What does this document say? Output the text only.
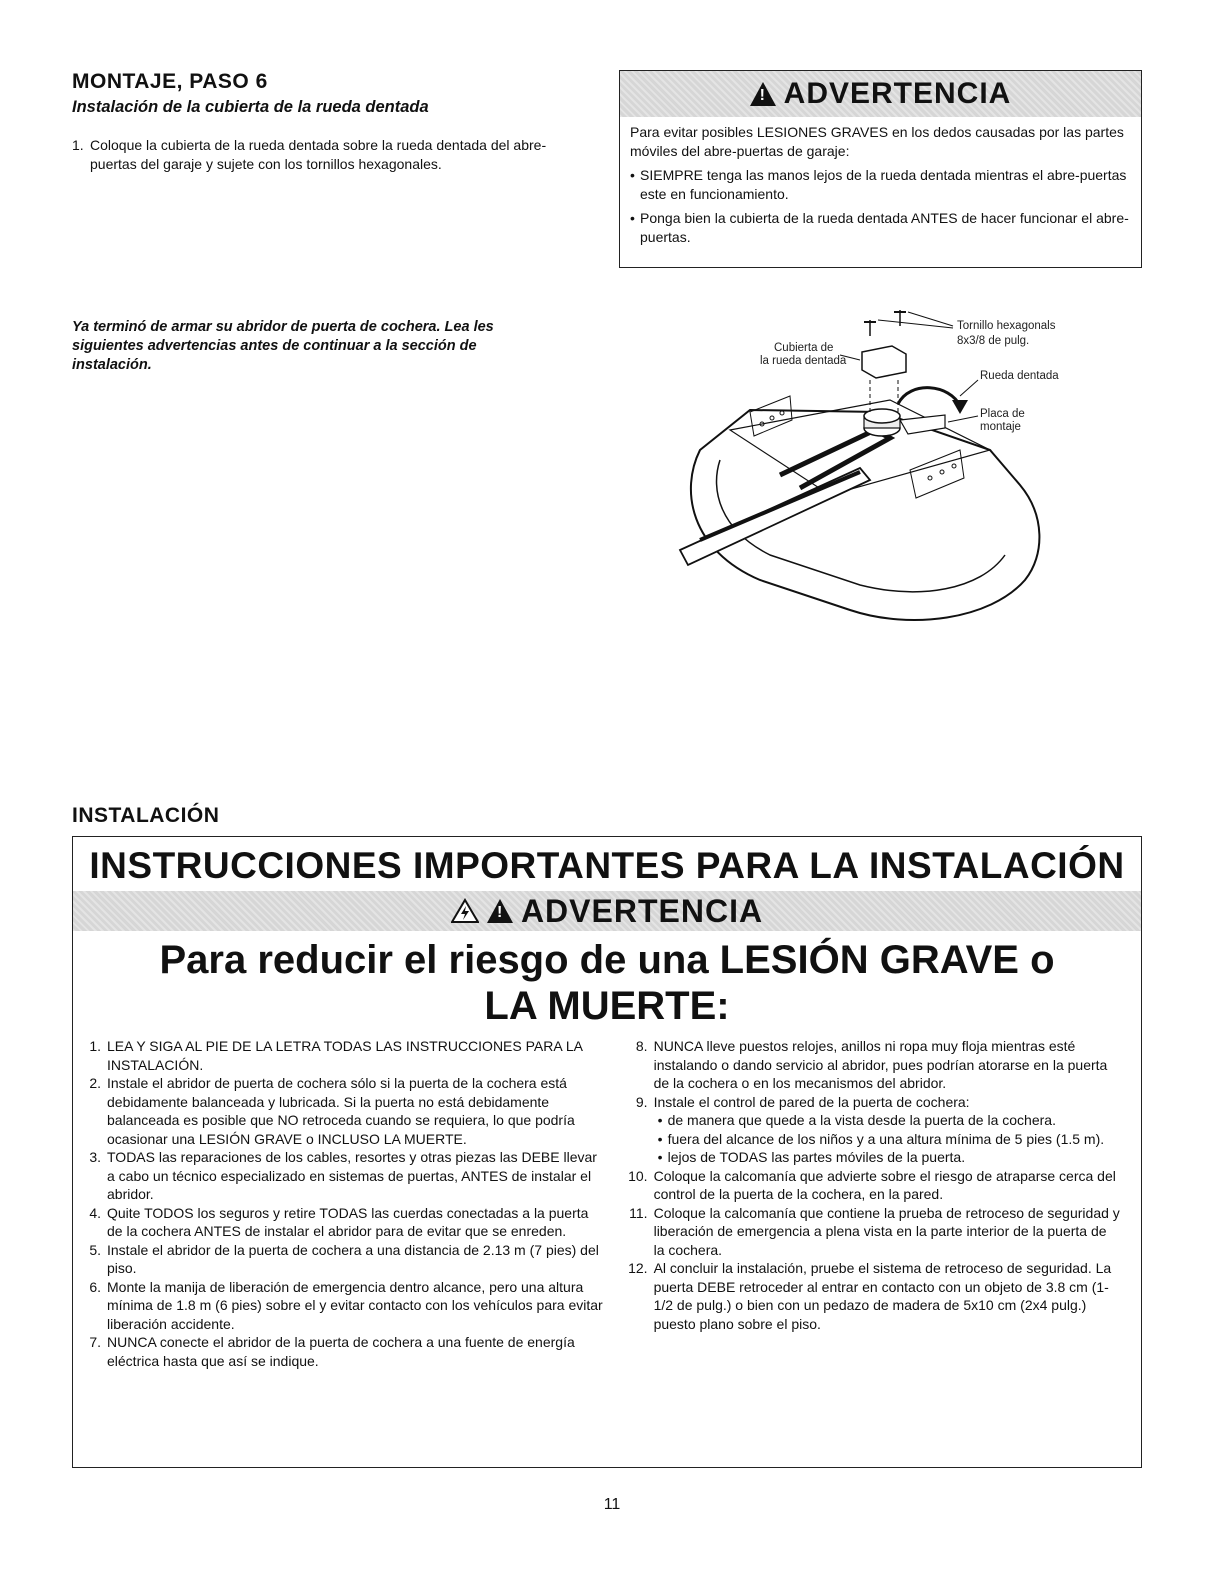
MONTAJE, PASO 6
Instalación de la cubierta de la rueda dentada
1. Coloque la cubierta de la rueda dentada sobre la rueda dentada del abre-puertas del garaje y sujete con los tornillos hexagonales.
Ya terminó de armar su abridor de puerta de cochera. Lea les siguientes advertencias antes de continuar a la sección de instalación.
!
ADVERTENCIA

Para evitar posibles LESIONES GRAVES en los dedos causadas por las partes móviles del abre-puertas de garaje:

• SIEMPRE tenga las manos lejos de la rueda dentada mientras el abre-puertas este en funcionamiento.
• Ponga bien la cubierta de la rueda dentada ANTES de hacer funcionar el abre-puertas.
Tornillo hexagonals
8x3/8 de pulg.
Cubierta de
la rueda dentada
Rueda dentada
Placa de
montaje
INSTALACIÓN
INSTRUCCIONES IMPORTANTES PARA LA INSTALACIÓN
!
ADVERTENCIA
Para reducir el riesgo de una LESIÓN GRAVE o
LA MUERTE:
1. LEA Y SIGA AL PIE DE LA LETRA TODAS LAS INSTRUCCIONES PARA LA INSTALACIÓN.
2. Instale el abridor de puerta de cochera sólo si la puerta de la cochera está debidamente balanceada y lubricada. Si la puerta no está debidamente balanceada es posible que NO retroceda cuando se requiera, lo que podría ocasionar una LESIÓN GRAVE o INCLUSO LA MUERTE.
3. TODAS las reparaciones de los cables, resortes y otras piezas las DEBE llevar a cabo un técnico especializado en sistemas de puertas, ANTES de instalar el abridor.
4. Quite TODOS los seguros y retire TODAS las cuerdas conectadas a la puerta de la cochera ANTES de instalar el abridor para de evitar que se enreden.
5. Instale el abridor de la puerta de cochera a una distancia de 2.13 m (7 pies) del piso.
6. Monte la manija de liberación de emergencia dentro alcance, pero una altura mínima de 1.8 m (6 pies) sobre el y evitar contacto con los vehículos para evitar liberación accidente.
7. NUNCA conecte el abridor de la puerta de cochera a una fuente de energía eléctrica hasta que así se indique.
8. NUNCA lleve puestos relojes, anillos ni ropa muy floja mientras esté instalando o dando servicio al abridor, pues podrían atorarse en la puerta de la cochera o en los mecanismos del abridor.
9. Instale el control de pared de la puerta de cochera:
• de manera que quede a la vista desde la puerta de la cochera.
• fuera del alcance de los niños y a una altura mínima de 5 pies (1.5 m).
• lejos de TODAS las partes móviles de la puerta.
10. Coloque la calcomanía que advierte sobre el riesgo de atraparse cerca del control de la puerta de la cochera, en la pared.
11. Coloque la calcomanía que contiene la prueba de retroceso de seguridad y liberación de emergencia a plena vista en la parte interior de la puerta de la cochera.
12. Al concluir la instalación, pruebe el sistema de retroceso de seguridad. La puerta DEBE retroceder al entrar en contacto con un objeto de 3.8 cm (1-1/2 de pulg.) o bien con un pedazo de madera de 5x10 cm (2x4 pulg.) puesto plano sobre el piso.
11
